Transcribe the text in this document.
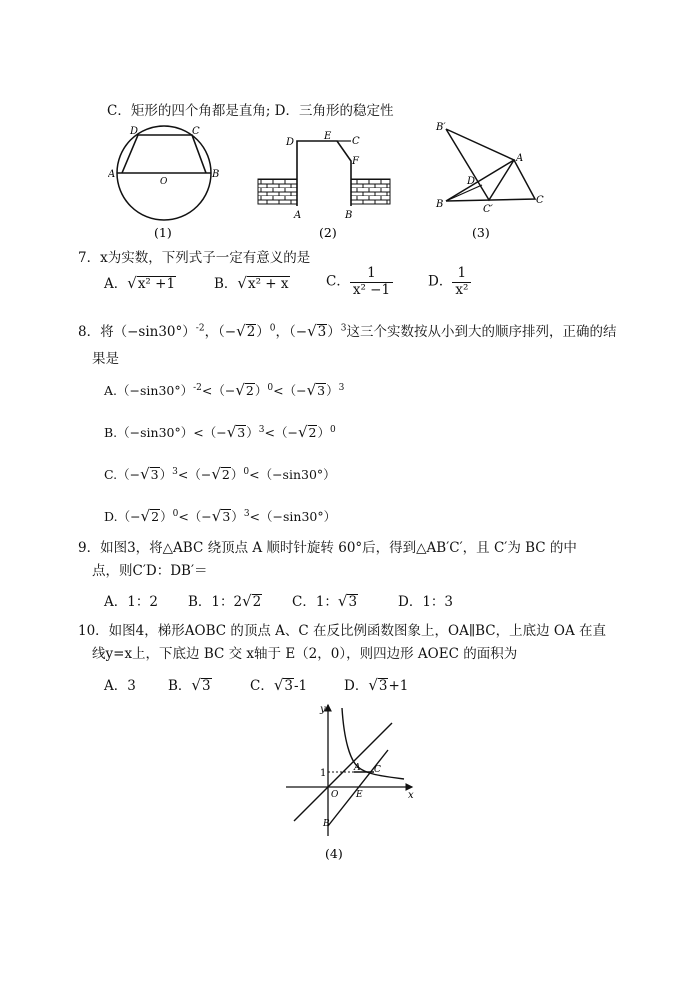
C．矩形的四个角都是直角; D．三角形的稳定性
A	B
C
D
O
(1)
D
E C
F
A	B
(2)
B′
A
D
B	C′
C
(3)
7．x为实数，下列式子一定有意义的是
A．√x² +1	B．√x² + x	C． $\frac{1}{\text{x² −1}}$	D． $\frac{1}{\text{x²}}$
8．将$(-\sin 30^\circ)^{-2}$，$(-√2)^0$，$(-√3)^3$这三个实数按从小到大的顺序排列，正确的结
果是
$A.(-\sin 30^\circ)^{-2}<(-√2)^0<(-√3)^3$
$B.(-\sin 30^\circ)<(-√3)^3<(-√2)^0$
$C.(-√3)^3<(-√2)^0<(-\sin 30^\circ)$
$D.(-√2)^0<(-√3)^3<(-\sin 30^\circ)$
9．如图3，将△ABC 绕顶点 A 顺时针旋转 60°后，得到△AB′C′，且 C′为 BC 的中
点，则C′D：DB′＝
A．1：2 B．1：2√2 C．1：√3	D．1：3
10．如图4，梯形AOBC 的顶点 A、C 在反比例函数图象上，OA∥BC，上底边 OA 在直
线y=x上，下底边 BC 交 x轴于 E（2，0），则四边形 AOEC 的面积为
A．3 B．√3	C．√3-1	D．√3+1
y
x
1	A C
O E
B
(4)
